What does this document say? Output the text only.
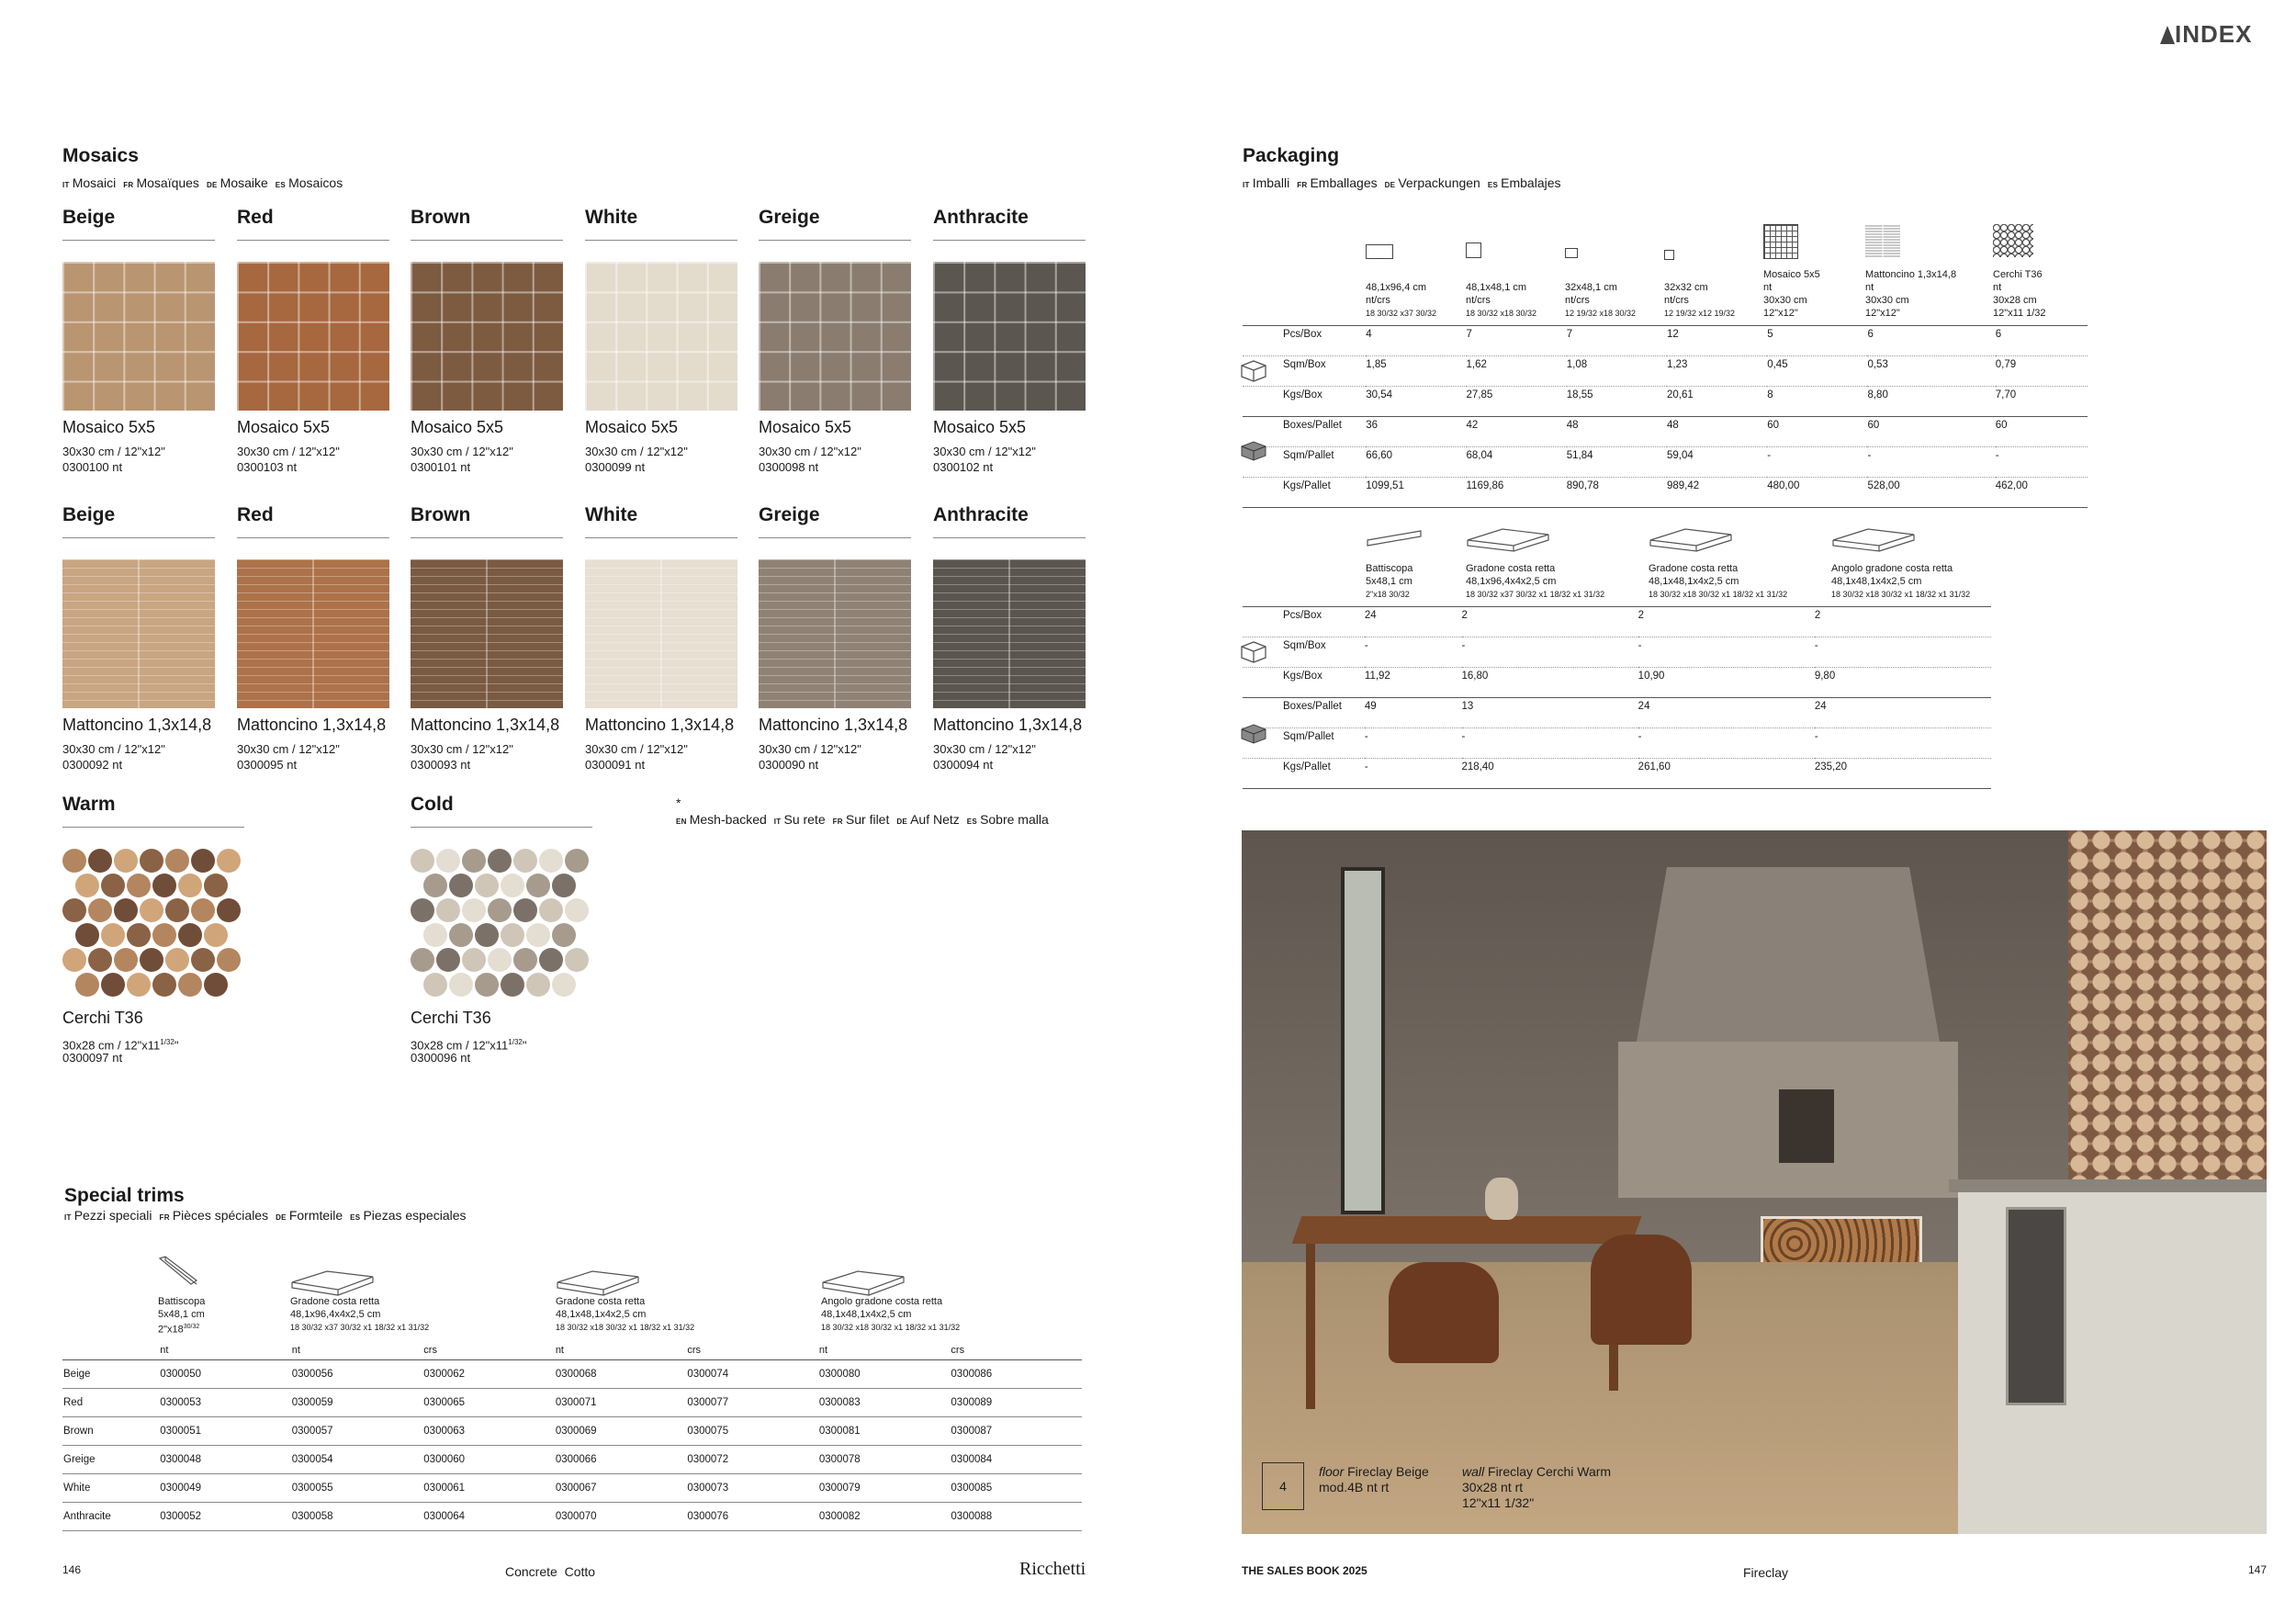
INDEX
Mosaics
IT Mosaici FR Mosaïques DE Mosaike ES Mosaicos
Beige
Mosaico 5x5
30x30 cm / 12"x12"
0300100 nt
Red
Mosaico 5x5
30x30 cm / 12"x12"
0300103 nt
Brown
Mosaico 5x5
30x30 cm / 12"x12"
0300101 nt
White
Mosaico 5x5
30x30 cm / 12"x12"
0300099 nt
Greige
Mosaico 5x5
30x30 cm / 12"x12"
0300098 nt
Anthracite
Mosaico 5x5
30x30 cm / 12"x12"
0300102 nt
Beige
Mattoncino 1,3x14,8
30x30 cm / 12"x12"
0300092 nt
Red
Mattoncino 1,3x14,8
30x30 cm / 12"x12"
0300095 nt
Brown
Mattoncino 1,3x14,8
30x30 cm / 12"x12"
0300093 nt
White
Mattoncino 1,3x14,8
30x30 cm / 12"x12"
0300091 nt
Greige
Mattoncino 1,3x14,8
30x30 cm / 12"x12"
0300090 nt
Anthracite
Mattoncino 1,3x14,8
30x30 cm / 12"x12"
0300094 nt
Warm
Cerchi T36
30x28 cm / $12"x11^{1/32}$"
0300097 nt
Cold
Cerchi T36
30x28 cm / $12"x11^{1/32}$"
0300096 nt
*
EN Mesh-backed IT Su rete FR Sur filet DE Auf Netz ES Sobre malla
Special trims
IT Pezzi speciali FR Pièces spéciales DE Formteile ES Piezas especiales
Battiscopa
5x48,1 cm
$2"x18^{30/32}$
Gradone costa retta
48,1x96,4x4x2,5 cm
18 30/32 x37 30/32 x1 18/32 x1 31/32
Gradone costa retta
48,1x48,1x4x2,5 cm
18 30/32 x18 30/32 x1 18/32 x1 31/32
Angolo gradone costa retta
48,1x48,1x4x2,5 cm
18 30/32 x18 30/32 x1 18/32 x1 31/32
	nt	nt	crs	nt	crs	nt	crs
Beige	0300050	0300056	0300062	0300068	0300074	0300080	0300086
Red	0300053	0300059	0300065	0300071	0300077	0300083	0300089
Brown	0300051	0300057	0300063	0300069	0300075	0300081	0300087
Greige	0300048	0300054	0300060	0300066	0300072	0300078	0300084
White	0300049	0300055	0300061	0300067	0300073	0300079	0300085
Anthracite	0300052	0300058	0300064	0300070	0300076	0300082	0300088
Packaging
IT Imballi FR Emballages DE Verpackungen ES Embalajes
48,1x96,4 cm
nt/crs
18 30/32 x37 30/32
48,1x48,1 cm
nt/crs
18 30/32 x18 30/32
32x48,1 cm
nt/crs
12 19/32 x18 30/32
32x32 cm
nt/crs
12 19/32 x12 19/32
Mosaico 5x5
nt
30x30 cm
12"x12"
Mattoncino 1,3x14,8
nt
30x30 cm
12"x12"
Cerchi T36
nt
30x28 cm
12"x11 1/32
Pcs/Box	4	7	7	12	5	6	6
Sqm/Box	1,85	1,62	1,08	1,23	0,45	0,53	0,79
Kgs/Box	30,54	27,85	18,55	20,61	8	8,80	7,70
Boxes/Pallet	36	42	48	48	60	60	60
Sqm/Pallet	66,60	68,04	51,84	59,04	-	-	-
Kgs/Pallet	1099,51	1169,86	890,78	989,42	480,00	528,00	462,00
Battiscopa
5x48,1 cm
2"x18 30/32
Gradone costa retta
48,1x96,4x4x2,5 cm
18 30/32 x37 30/32 x1 18/32 x1 31/32
Gradone costa retta
48,1x48,1x4x2,5 cm
18 30/32 x18 30/32 x1 18/32 x1 31/32
Angolo gradone costa retta
48,1x48,1x4x2,5 cm
18 30/32 x18 30/32 x1 18/32 x1 31/32
Pcs/Box	24	2	2	2
Sqm/Box	-	-	-	-
Kgs/Box	11,92	16,80	10,90	9,80
Boxes/Pallet	49	13	24	24
Sqm/Pallet	-	-	-	-
Kgs/Pallet	-	218,40	261,60	235,20
4
floor Fireclay Beige
mod.4B nt rt
wall Fireclay Cerchi Warm
30x28 nt rt
12"x11 1/32"
146	Concrete Cotto	Ricchetti	THE SALES BOOK 2025	Fireclay	147
